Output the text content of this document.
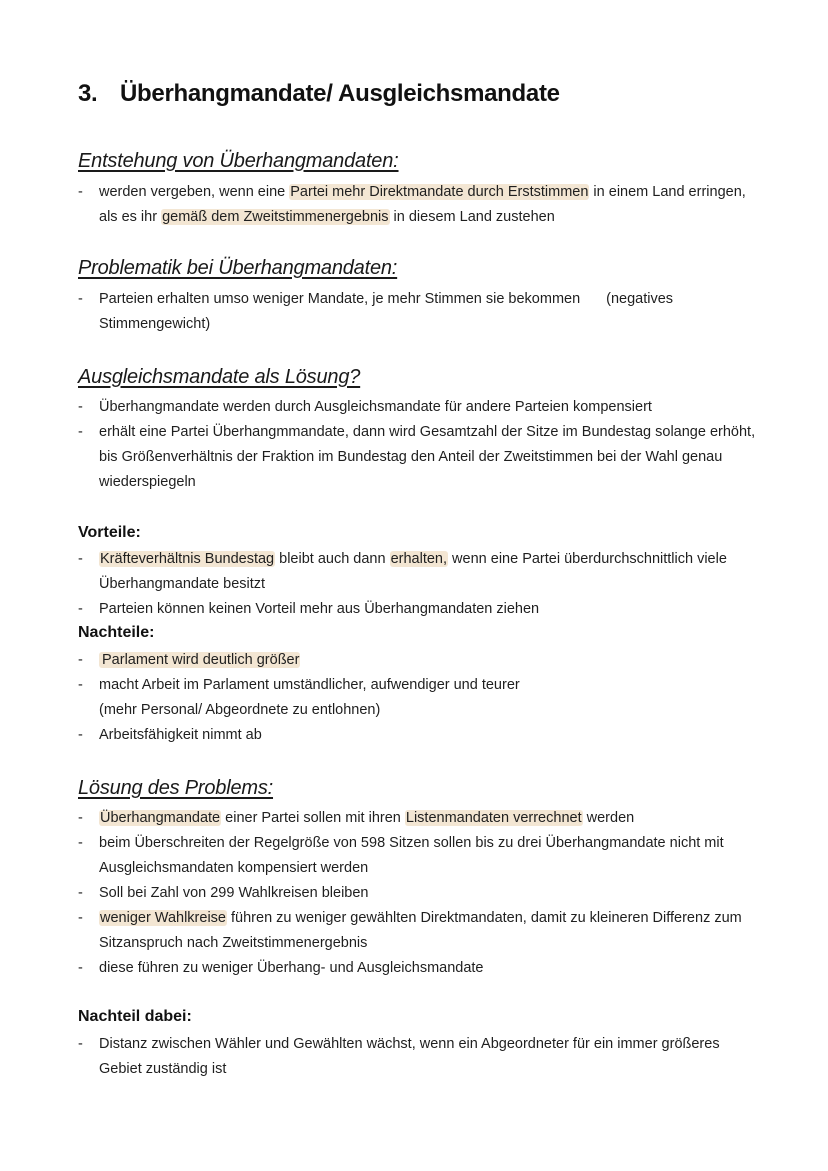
3. Überhangmandate/ Ausgleichsmandate
Entstehung von Überhangmandaten:
-	werden vergeben, wenn eine Partei mehr Direktmandate durch Erststimmen in einem Land erringen, als es ihr gemäß dem Zweitstimmenergebnis in diesem Land zustehen
Problematik bei Überhangmandaten:
-	Parteien erhalten umso weniger Mandate, je mehr Stimmen sie bekommen (negatives Stimmengewicht)
Ausgleichsmandate als Lösung?
-	Überhangmandate werden durch Ausgleichsmandate für andere Parteien kompensiert
-	erhält eine Partei Überhangmmandate, dann wird Gesamtzahl der Sitze im Bundestag solange erhöht, bis Größenverhältnis der Fraktion im Bundestag den Anteil der Zweitstimmen bei der Wahl genau wiederspiegeln
Vorteile:
-	Kräfteverhältnis Bundestag bleibt auch dann erhalten, wenn eine Partei überdurchschnittlich viele Überhangmandate besitzt
-	Parteien können keinen Vorteil mehr aus Überhangmandaten ziehen
Nachteile:
-	Parlament wird deutlich größer
-	macht Arbeit im Parlament umständlicher, aufwendiger und teurer
(mehr Personal/ Abgeordnete zu entlohnen)
-	Arbeitsfähigkeit nimmt ab
Lösung des Problems:
-	Überhangmandate einer Partei sollen mit ihren Listenmandaten verrechnet werden
-	beim Überschreiten der Regelgröße von 598 Sitzen sollen bis zu drei Überhangmandate nicht mit Ausgleichsmandaten kompensiert werden
-	Soll bei Zahl von 299 Wahlkreisen bleiben
-	weniger Wahlkreise führen zu weniger gewählten Direktmandaten, damit zu kleineren Differenz zum Sitzanspruch nach Zweitstimmenergebnis
-	diese führen zu weniger Überhang- und Ausgleichsmandate
Nachteil dabei:
-	Distanz zwischen Wähler und Gewählten wächst, wenn ein Abgeordneter für ein immer größeres Gebiet zuständig ist
